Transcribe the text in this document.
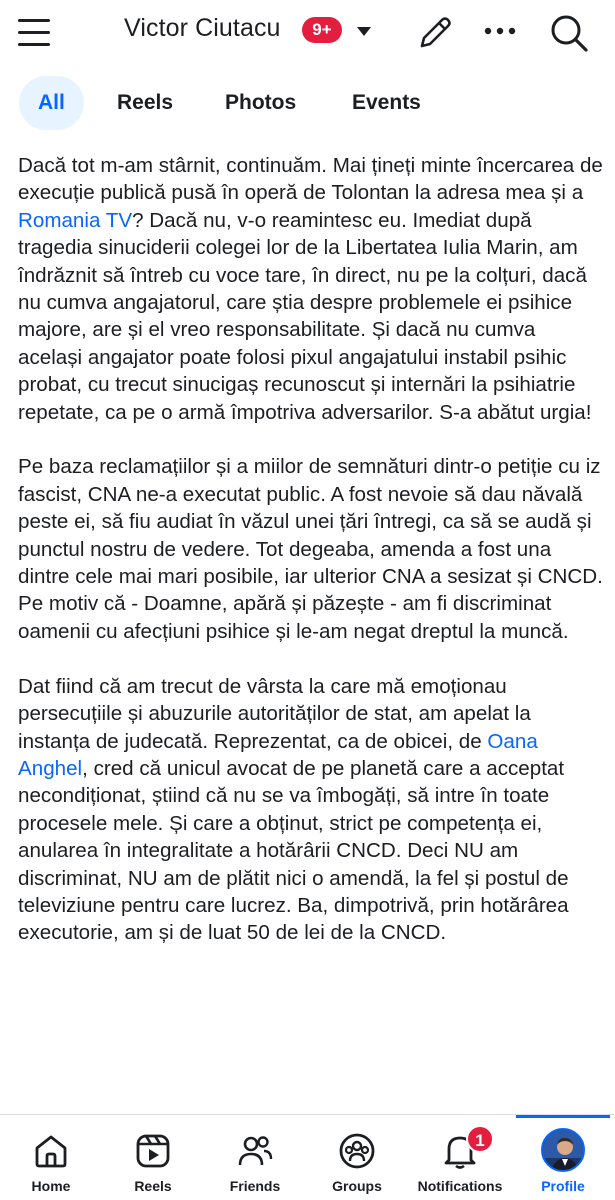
Victor Ciutacu	9+
All	Reels Photos	Events

Dacă tot m-am stârnit, continuăm. Mai țineți minte încercarea de execuție publică pusă în operă de Tolontan la adresa mea și a Romania TV? Dacă nu, v-o reamintesc eu. Imediat după tragedia sinuciderii colegei lor de la Libertatea Iulia Marin, am îndrăznit să întreb cu voce tare, în direct, nu pe la colțuri, dacă nu cumva angajatorul, care știa despre problemele ei psihice majore, are și el vreo responsabilitate. Și dacă nu cumva același angajator poate folosi pixul angajatului instabil psihic probat, cu trecut sinucigaș recunoscut și internări la psihiatrie repetate, ca pe o armă împotriva adversarilor. S-a abătut urgia!

Pe baza reclamațiilor și a miilor de semnături dintr-o petiție cu iz fascist, CNA ne-a executat public. A fost nevoie să dau năvală peste ei, să fiu audiat în văzul unei țări întregi, ca să se audă și punctul nostru de vedere. Tot degeaba, amenda a fost una dintre cele mai mari posibile, iar ulterior CNA a sesizat și CNCD. Pe motiv că - Doamne, apără și păzește - am fi discriminat oamenii cu afecțiuni psihice și le-am negat dreptul la muncă.

Dat fiind că am trecut de vârsta la care mă emoționau persecuțiile și abuzurile autorităților de stat, am apelat la instanța de judecată. Reprezentat, ca de obicei, de Oana Anghel, cred că unicul avocat de pe planetă care a acceptat necondiționat, știind că nu se va îmbogăți, să intre în toate procesele mele. Și care a obținut, strict pe competența ei, anularea în integralitate a hotărârii CNCD. Deci NU am discriminat, NU am de plătit nici o amendă, la fel și postul de televiziune pentru care lucrez. Ba, dimpotrivă, prin hotărârea executorie, am și de luat 50 de lei de la CNCD.

Home	Reels	Friends	Groups
1
Notifications	Profile
